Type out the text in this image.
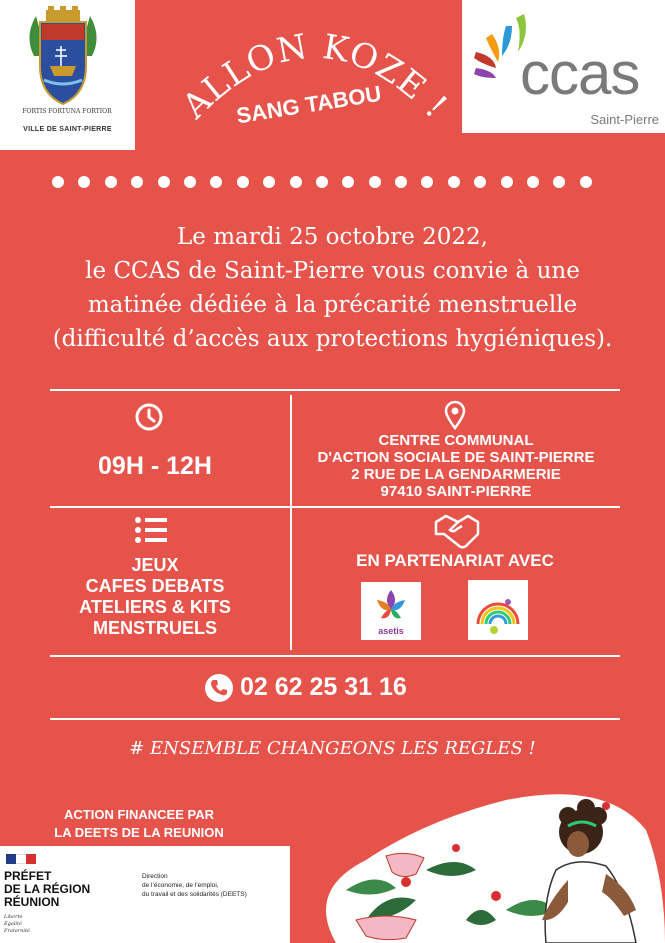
FORTIS FORTUNA FORTIOR
VILLE DE SAINT-PIERRE
ALLON KOZE !
SANG TABOU ccas
Saint-Pierre
Le mardi 25 octobre 2022,
le CCAS de Saint-Pierre vous convie à une
matinée dédiée à la précarité menstruelle
(difficulté d’accès aux protections hygiéniques).
09H - 12H
CENTRE COMMUNAL
D'ACTION SOCIALE DE SAINT-PIERRE
2 RUE DE LA GENDARMERIE
97410 SAINT-PIERRE
JEUX
CAFES DEBATS
ATELIERS & KITS
MENSTRUELS
EN PARTENARIAT AVEC
asetis
02 62 25 31 16
# ENSEMBLE CHANGEONS LES REGLES !
ACTION FINANCEE PAR
LA DEETS DE LA REUNION
PRÉFET
DE LA RÉGION
RÉUNION
Liberté
Égalité
Fraternité
Direction
de l’économie, de l’emploi,
du travail et des solidarités (DEETS)
